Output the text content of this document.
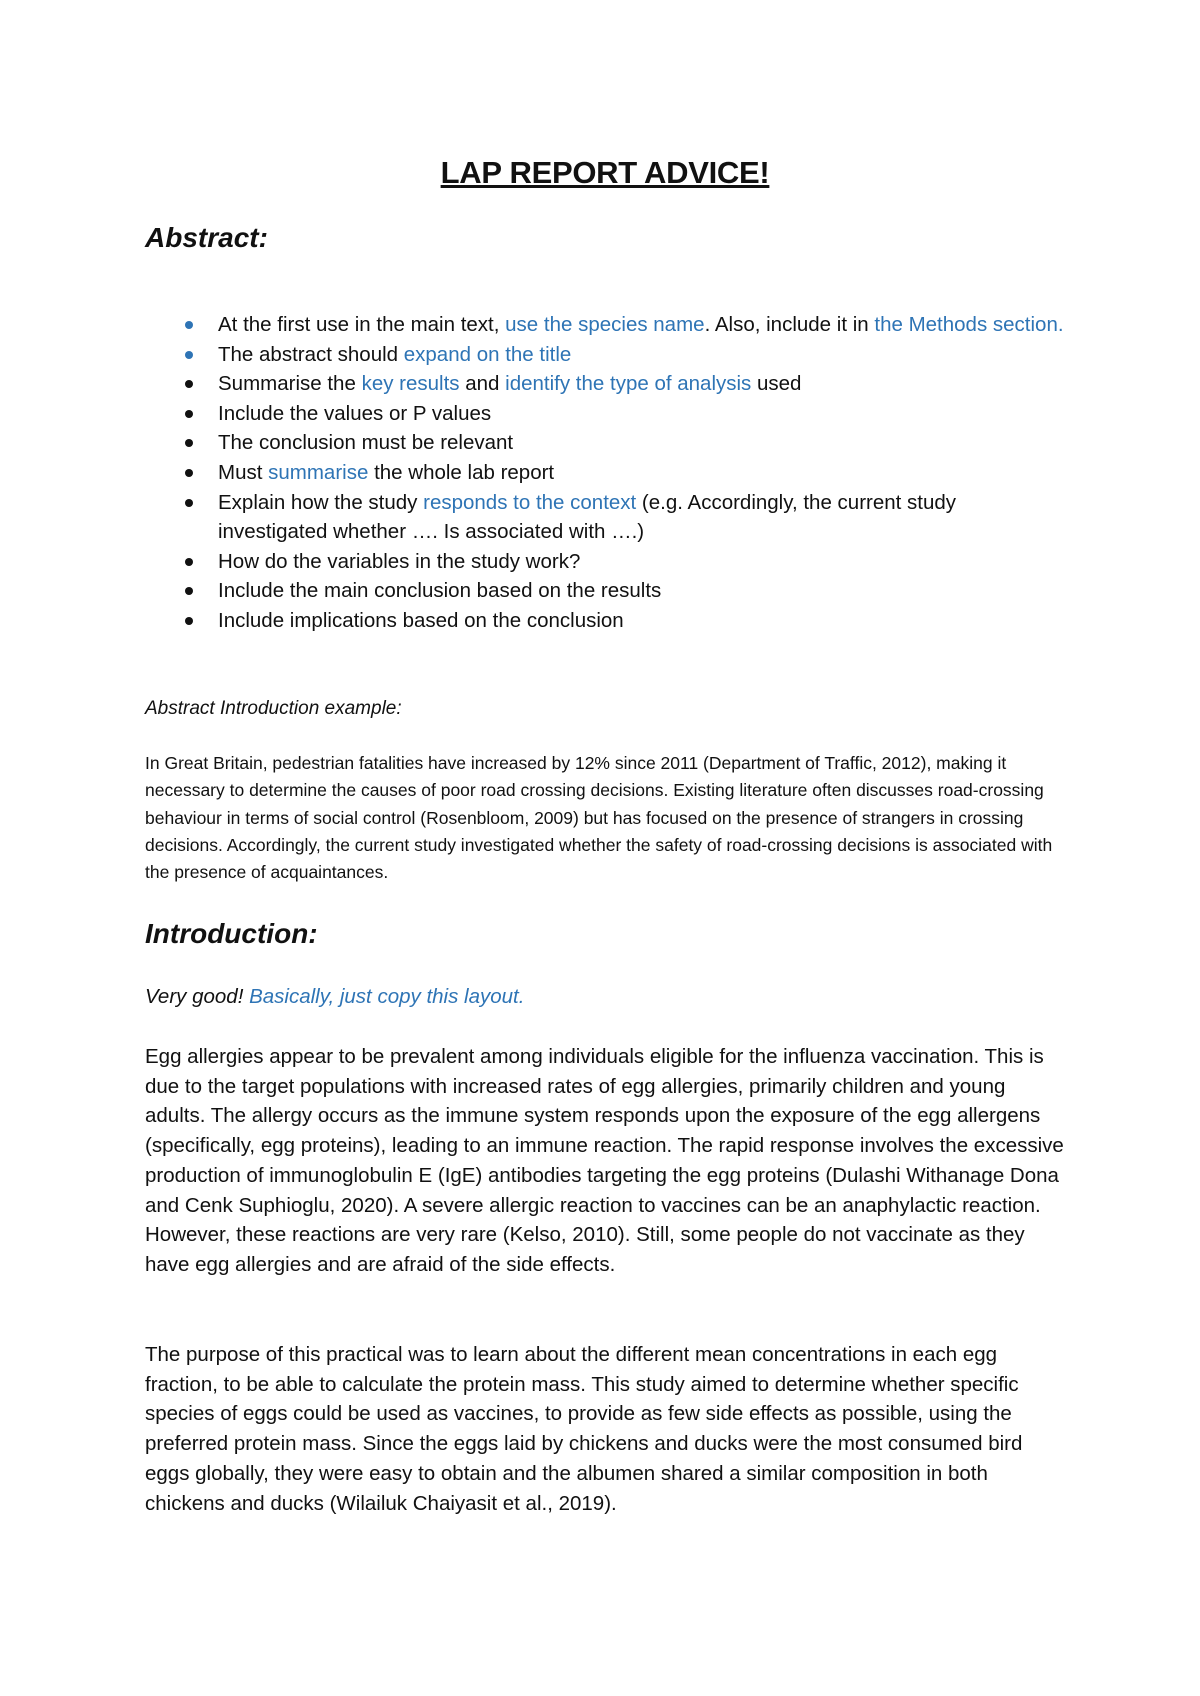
LAP REPORT ADVICE!
Abstract:
At the first use in the main text, use the species name. Also, include it in the Methods section.
The abstract should expand on the title
Summarise the key results and identify the type of analysis used
Include the values or P values
The conclusion must be relevant
Must summarise the whole lab report
Explain how the study responds to the context (e.g. Accordingly, the current study investigated whether …. Is associated with ….)
How do the variables in the study work?
Include the main conclusion based on the results
Include implications based on the conclusion
Abstract Introduction example:

In Great Britain, pedestrian fatalities have increased by 12% since 2011 (Department of Traffic, 2012), making it necessary to determine the causes of poor road crossing decisions. Existing literature often discusses road-crossing behaviour in terms of social control (Rosenbloom, 2009) but has focused on the presence of strangers in crossing decisions. Accordingly, the current study investigated whether the safety of road-crossing decisions is associated with the presence of acquaintances.

Introduction:
Very good! Basically, just copy this layout.

Egg allergies appear to be prevalent among individuals eligible for the influenza vaccination. This is due to the target populations with increased rates of egg allergies, primarily children and young adults. The allergy occurs as the immune system responds upon the exposure of the egg allergens (specifically, egg proteins), leading to an immune reaction. The rapid response involves the excessive production of immunoglobulin E (IgE) antibodies targeting the egg proteins (Dulashi Withanage Dona and Cenk Suphioglu, 2020). A severe allergic reaction to vaccines can be an anaphylactic reaction. However, these reactions are very rare (Kelso, 2010). Still, some people do not vaccinate as they have egg allergies and are afraid of the side effects.

The purpose of this practical was to learn about the different mean concentrations in each egg fraction, to be able to calculate the protein mass. This study aimed to determine whether specific species of eggs could be used as vaccines, to provide as few side effects as possible, using the preferred protein mass. Since the eggs laid by chickens and ducks were the most consumed bird eggs globally, they were easy to obtain and the albumen shared a similar composition in both chickens and ducks (Wilailuk Chaiyasit et al., 2019).
